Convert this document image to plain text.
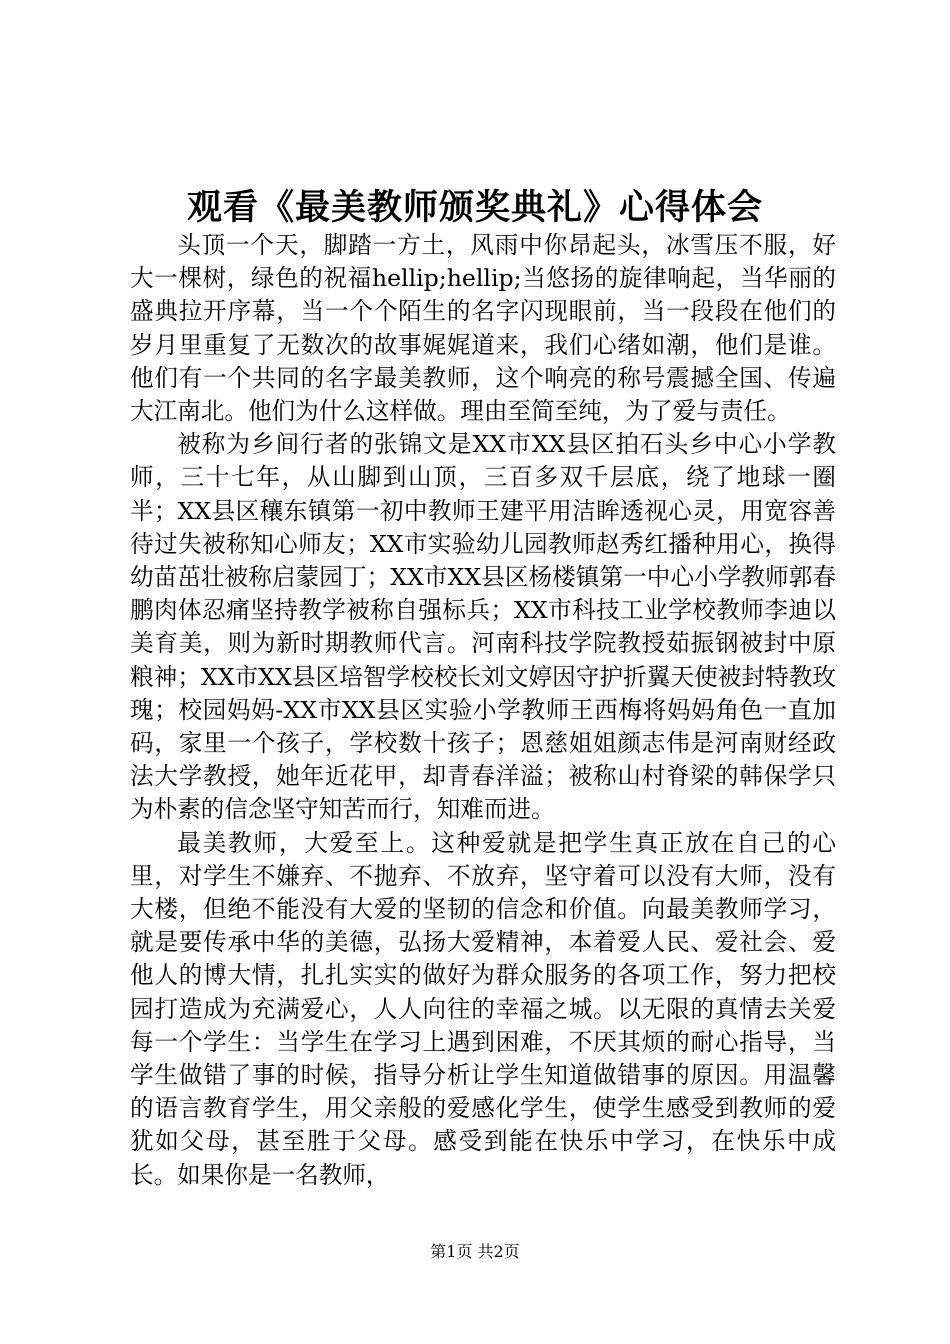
观看《最美教师颁奖典礼》心得体会

头顶一个天，脚踏一方土，风雨中你昂起头，冰雪压不服，好大一棵树，绿色的祝福hellip;hellip;当悠扬的旋律响起，当华丽的盛典拉开序幕，当一个个陌生的名字闪现眼前，当一段段在他们的岁月里重复了无数次的故事娓娓道来，我们心绪如潮，他们是谁。他们有一个共同的名字最美教师，这个响亮的称号震撼全国、传遍大江南北。他们为什么这样做。理由至简至纯，为了爱与责任。

被称为乡间行者的张锦文是XX市XX县区拍石头乡中心小学教师，三十七年，从山脚到山顶，三百多双千层底，绕了地球一圈半；XX县区穰东镇第一初中教师王建平用洁眸透视心灵，用宽容善待过失被称知心师友；XX市实验幼儿园教师赵秀红播种用心，换得幼苗茁壮被称启蒙园丁；XX市XX县区杨楼镇第一中心小学教师郭春鹏肉体忍痛坚持教学被称自强标兵；XX市科技工业学校教师李迪以美育美，则为新时期教师代言。河南科技学院教授茹振钢被封中原粮神；XX市XX县区培智学校校长刘文婷因守护折翼天使被封特教玫瑰；校园妈妈-XX市XX县区实验小学教师王西梅将妈妈角色一直加码，家里一个孩子，学校数十孩子；恩慈姐姐颜志伟是河南财经政法大学教授，她年近花甲，却青春洋溢；被称山村脊梁的韩保学只为朴素的信念坚守知苦而行，知难而进。

最美教师，大爱至上。这种爱就是把学生真正放在自己的心里，对学生不嫌弃、不抛弃、不放弃，坚守着可以没有大师，没有大楼，但绝不能没有大爱的坚韧的信念和价值。向最美教师学习，就是要传承中华的美德，弘扬大爱精神，本着爱人民、爱社会、爱他人的博大情，扎扎实实的做好为群众服务的各项工作，努力把校园打造成为充满爱心，人人向往的幸福之城。以无限的真情去关爱每一个学生：当学生在学习上遇到困难，不厌其烦的耐心指导，当学生做错了事的时候，指导分析让学生知道做错事的原因。用温馨的语言教育学生，用父亲般的爱感化学生，使学生感受到教师的爱犹如父母，甚至胜于父母。感受到能在快乐中学习，在快乐中成长。如果你是一名教师，

第1页 共2页
